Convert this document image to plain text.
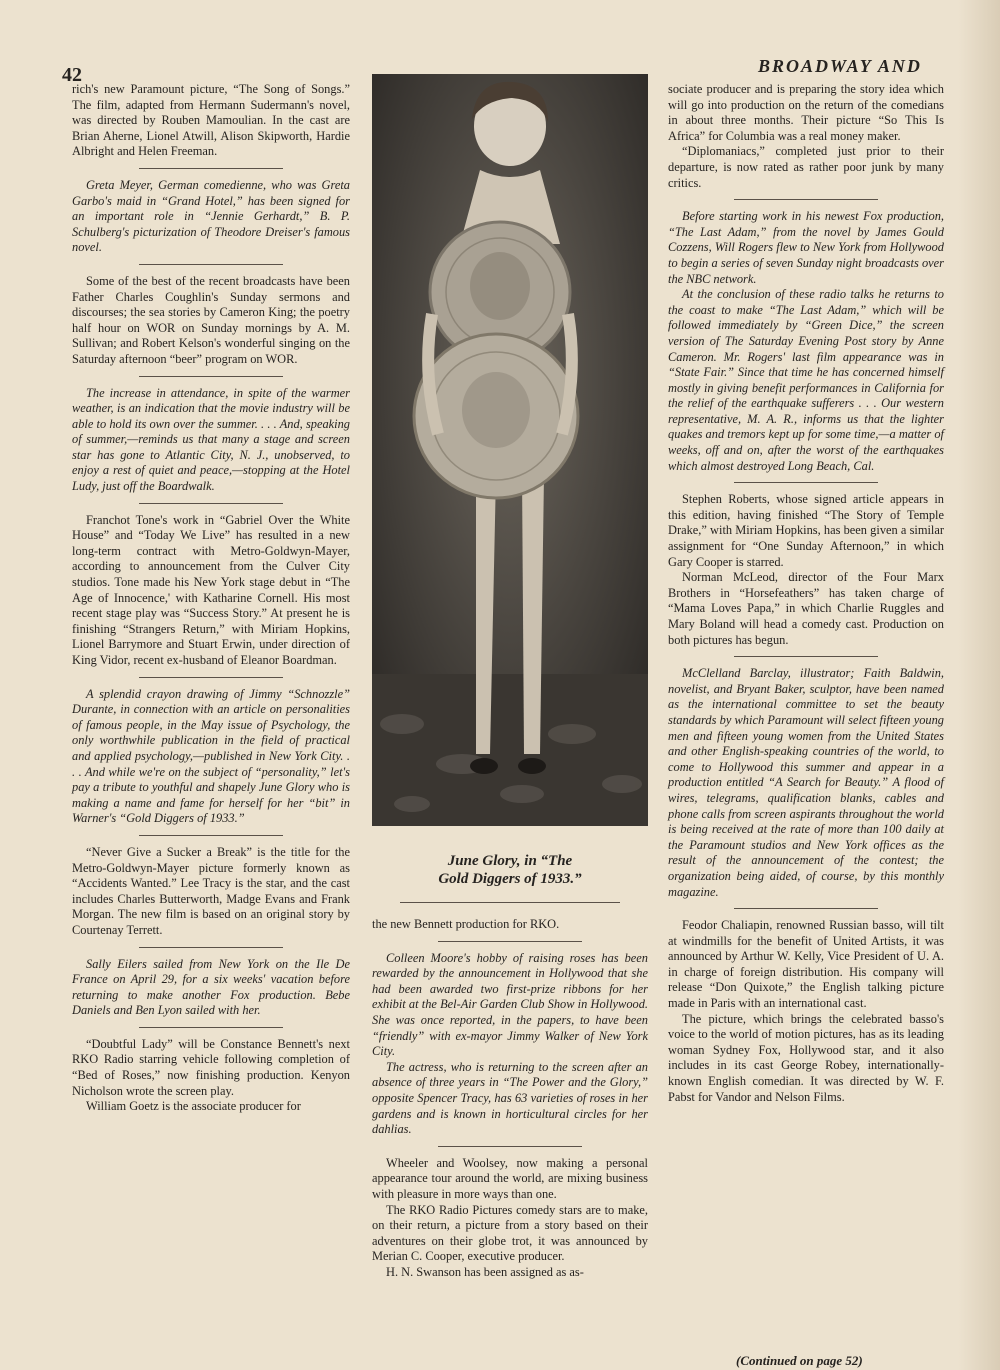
42	BROADWAY AND

rich's new Paramount picture, “The Song of Songs.” The film, adapted from Hermann Sudermann's novel, was directed by Rouben Mamoulian. In the cast are Brian Aherne, Lionel Atwill, Alison Skipworth, Hardie Albright and Helen Freeman.

Greta Meyer, German comedienne, who was Greta Garbo's maid in “Grand Hotel,” has been signed for an important role in “Jennie Gerhardt,” B. P. Schulberg's picturization of Theodore Dreiser's famous novel.

Some of the best of the recent broadcasts have been Father Charles Coughlin's Sunday sermons and discourses; the sea stories by Cameron King; the poetry half hour on WOR on Sunday mornings by A. M. Sullivan; and Robert Kelson's wonderful singing on the Saturday afternoon “beer” program on WOR.

The increase in attendance, in spite of the warmer weather, is an indication that the movie industry will be able to hold its own over the summer. . . . And, speaking of summer,—reminds us that many a stage and screen star has gone to Atlantic City, N. J., unobserved, to enjoy a rest of quiet and peace,—stopping at the Hotel Ludy, just off the Boardwalk.

Franchot Tone's work in “Gabriel Over the White House” and “Today We Live” has resulted in a new long-term contract with Metro-Goldwyn-Mayer, according to announcement from the Culver City studios. Tone made his New York stage debut in “The Age of Innocence,' with Katharine Cornell. His most recent stage play was “Success Story.” At present he is finishing “Strangers Return,” with Miriam Hopkins, Lionel Barrymore and Stuart Erwin, under direction of King Vidor, recent ex-husband of Eleanor Boardman.

A splendid crayon drawing of Jimmy “Schnozzle” Durante, in connection with an article on personalities of famous people, in the May issue of Psychology, the only worthwhile publication in the field of practical and applied psychology,—published in New York City. . . . And while we're on the subject of “personality,” let's pay a tribute to youthful and shapely June Glory who is making a name and fame for herself for her “bit” in Warner's “Gold Diggers of 1933.”

“Never Give a Sucker a Break” is the title for the Metro-Goldwyn-Mayer picture formerly known as “Accidents Wanted.” Lee Tracy is the star, and the cast includes Charles Butterworth, Madge Evans and Frank Morgan. The new film is based on an original story by Courtenay Terrett.

Sally Eilers sailed from New York on the Ile De France on April 29, for a six weeks' vacation before returning to make another Fox production. Bebe Daniels and Ben Lyon sailed with her.

“Doubtful Lady” will be Constance Bennett's next RKO Radio starring vehicle following completion of “Bed of Roses,” now finishing production. Kenyon Nicholson wrote the screen play.

William Goetz is the associate producer for

June Glory, in “The
Gold Diggers of 1933.”

the new Bennett production for RKO.

Colleen Moore's hobby of raising roses has been rewarded by the announcement in Hollywood that she had been awarded two first-prize ribbons for her exhibit at the Bel-Air Garden Club Show in Hollywood. She was once reported, in the papers, to have been “friendly” with ex-mayor Jimmy Walker of New York City.

The actress, who is returning to the screen after an absence of three years in “The Power and the Glory,” opposite Spencer Tracy, has 63 varieties of roses in her gardens and is known in horticultural circles for her dahlias.

Wheeler and Woolsey, now making a personal appearance tour around the world, are mixing business with pleasure in more ways than one.

The RKO Radio Pictures comedy stars are to make, on their return, a picture from a story based on their adventures on their globe trot, it was announced by Merian C. Cooper, executive producer.

H. N. Swanson has been assigned as as-

sociate producer and is preparing the story idea which will go into production on the return of the comedians in about three months. Their picture “So This Is Africa” for Columbia was a real money maker.

“Diplomaniacs,” completed just prior to their departure, is now rated as rather poor junk by many critics.

Before starting work in his newest Fox production, “The Last Adam,” from the novel by James Gould Cozzens, Will Rogers flew to New York from Hollywood to begin a series of seven Sunday night broadcasts over the NBC network.

At the conclusion of these radio talks he returns to the coast to make “The Last Adam,” which will be followed immediately by “Green Dice,” the screen version of The Saturday Evening Post story by Anne Cameron. Mr. Rogers' last film appearance was in “State Fair.” Since that time he has concerned himself mostly in giving benefit performances in California for the relief of the earthquake sufferers . . . Our western representative, M. A. R., informs us that the lighter quakes and tremors kept up for some time,—a matter of weeks, off and on, after the worst of the earthquakes which almost destroyed Long Beach, Cal.

Stephen Roberts, whose signed article appears in this edition, having finished “The Story of Temple Drake,” with Miriam Hopkins, has been given a similar assignment for “One Sunday Afternoon,” in which Gary Cooper is starred.

Norman McLeod, director of the Four Marx Brothers in “Horsefeathers” has taken charge of “Mama Loves Papa,” in which Charlie Ruggles and Mary Boland will head a comedy cast. Production on both pictures has begun.

McClelland Barclay, illustrator; Faith Baldwin, novelist, and Bryant Baker, sculptor, have been named as the international committee to set the beauty standards by which Paramount will select fifteen young men and fifteen young women from the United States and other English-speaking countries of the world, to come to Hollywood this summer and appear in a production entitled “A Search for Beauty.” A flood of wires, telegrams, qualification blanks, cables and phone calls from screen aspirants throughout the world is being received at the rate of more than 100 daily at the Paramount studios and New York offices as the result of the announcement of the contest; the organization being aided, of course, by this monthly magazine.

Feodor Chaliapin, renowned Russian basso, will tilt at windmills for the benefit of United Artists, it was announced by Arthur W. Kelly, Vice President of U. A. in charge of foreign distribution. His company will release “Don Quixote,” the English talking picture made in Paris with an international cast.

The picture, which brings the celebrated basso's voice to the world of motion pictures, has as its leading woman Sydney Fox, Hollywood star, and it also includes in its cast George Robey, internationally-known English comedian. It was directed by W. F. Pabst for Vandor and Nelson Films.

(Continued on page 52)
